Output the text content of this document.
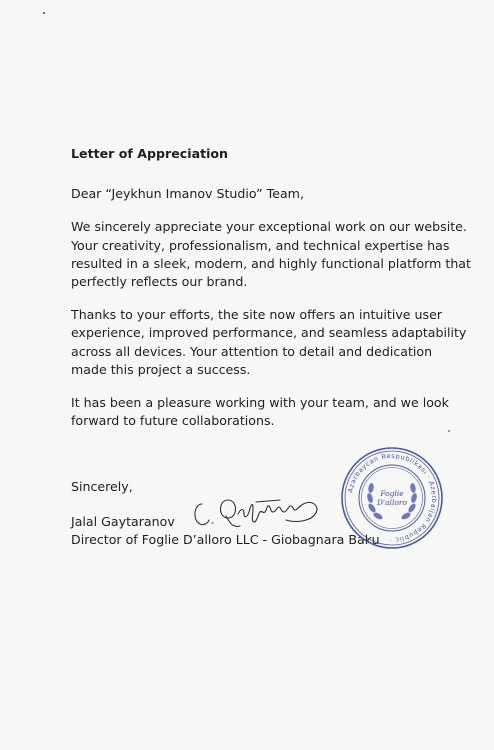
Letter of Appreciation
Dear “Jeykhun Imanov Studio” Team,
We sincerely appreciate your exceptional work on our website. Your creativity, professionalism, and technical expertise has resulted in a sleek, modern, and highly functional platform that perfectly reflects our brand.
Thanks to your efforts, the site now offers an intuitive user experience, improved performance, and seamless adaptability across all devices. Your attention to detail and dedication made this project a success.
It has been a pleasure working with your team, and we look forward to future collaborations.
Sincerely,
Jalal Gaytaranov
Director of Foglie D’alloro LLC - Giobagnara Baku
Azərbaycan Respublikası · Azerbaijan Republic ·
Foglie
D'alloro
